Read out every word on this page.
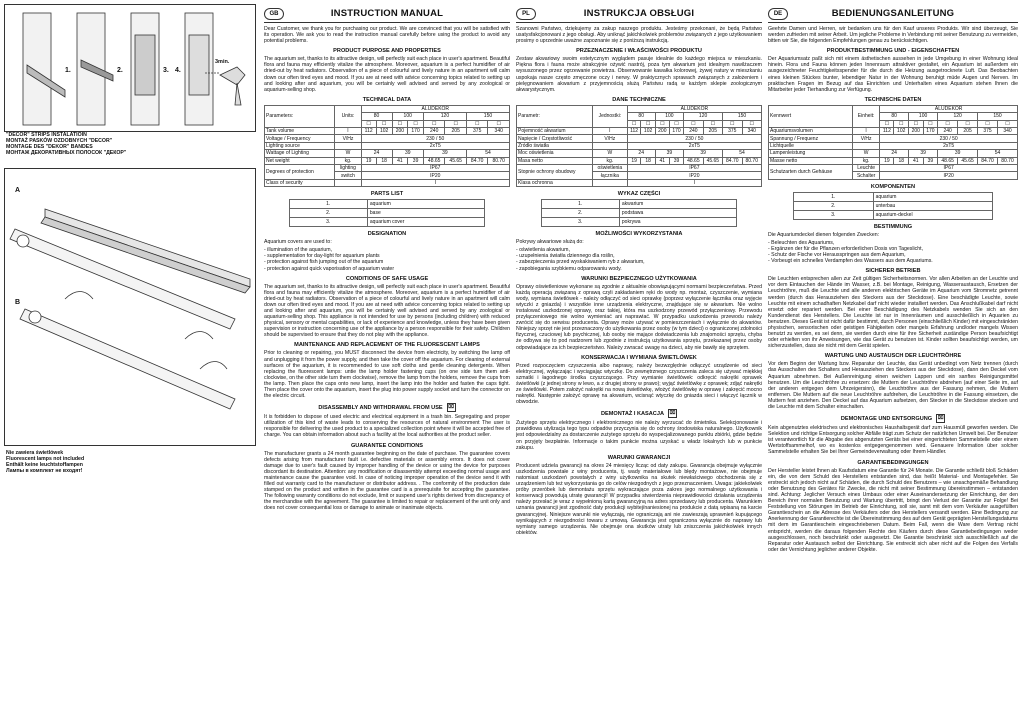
1.	2.	3. 4.
3min.
"DECOR" STRIPS INSTALATIOIN
MONTAŻ PASKÓW OZDOBNYCH "DECOR"
MONTAGE DES "DEKOR" BANDES
МОНТАЖ ДЕКОРАТИВНЫХ ПОЛОСОК "ДЕКОР"
A
B
Nie zawiera świetlówek
Fluorescent lamps not included
Enthält keine leuchtstoffampen
Лампы в комплект не входят!
GB	INSTRUCTION MANUAL

Dear Customer, we thank you for purchasing our product. We are convinced that you will be satisfied with its operation. We ask you to read the instruction manual carefully before using the product to avoid any potential problems.

PRODUCT PURPOSE AND PROPERTIES

The aquarium set, thanks to its attractive design, will perfectly suit each place in user's apartment. Beautiful flora and fauna may efficiently vitalize the atmosphere. Moreover, aquarium is a perfect humidifier of air dried-out by heat radiators. Observation of a piece of colourful and lively nature in an apartment will calm down our often tired eyes and mood. If you are at need with advice concerning topics related to setting up and looking after and aquarium, you will be certainly well advised and served by any zoological or aquarium-selling shop.

TECHNICAL DATA
Parameters:	Units:	ALUDEKOR							
		80		100		120		150	
		☐	☐	☐	☐	☐	☐	☐	☐
Tank volume	l	112	102	200	170	240	205	375	340
Voltage / Frequency	V/Hz	230 / 50							
Lighting source		2xT5							
Wattage of Lighting	W	24		39		39		54	
Net weight	kg.	19	18	41	39	48.65	45.65	84.70	80.70
Degrees of protection	lighting	IP67							
	switch	IP20							
Class of security		I							
PARTS LIST
1.	aquarium
2.	base
3.	aquarium cover
DESIGNATION

Aquarium covers are used to:

- illumination of the aquarium,
- supplementation for day-light for aquarium plants
- protection against fish jumping out of the aquarium
- protection against quick vaporisation of aquarium water
CONDITIONS OF SAFE USAGE

The aquarium set, thanks to its attractive design, will perfectly suit each place in user's apartment. Beautiful flora and fauna may efficiently vitalize the atmosphere. Moreover, aquarium is a perfect humidifier of air dried-out by heat radiators. Observation of a piece of colourful and lively nature in an apartment will calm down our often tired eyes and mood. If you are at need with advice concerning topics related to setting up and looking after and aquarium, you will be certainly well advised and served by any zoological or aquarium-selling shop. This appliance is not intended for use by persons (including children) with reduced physical, sensory or mental capabilities, or lack of experience and knowledge, unless they have been given supervision or instruction concerning use of the appliance by a person responsible for their safety. Children should be supervised to ensure that they do not play with the appliance.

MAINTENANCE AND REPLACEMENT OF THE FLUORESCENT LAMPS

Prior to cleaning or repairing, you MUST disconnect the device from electricity, by switching the lamp off and unplugging it from the power supply, and then take the cover off the aquarium. For cleaning of external surfaces of the aquarium, it is recommended to use soft cloths and gentle cleaning detergents. When replacing the fluorescent lamps: untie the lamp holder fastening cups (on one side turn them anti-clockwise, on the other side turn them clockwise), remove the lamp from the holders, remove the cups from the lamp. Then place the caps onto new lamp, insert the lamp into the holder and fasten the caps tight. Then place the cover onto the aquarium, insert the plug into power supply socket and turn the connector on the electric circuit.

DISASSEMBLY AND WITHDRAWAL FROM USE ⌧

It is forbidden to dispose of used electric and electrical equipment in a trash bin. Segregating and proper utilization of this kind of waste leads to conserving the resources of natural environment The user is responsible for delivering the used product to a specialized collection point where it will be accepted free of charge. You can obtain information about such a facility at the local authorities at the product seller.

GUARANTEE CONDITIONS

The manufacturer grants a 24 month guarantee beginning on the date of purchase. The guarantee covers defects arising from manufacturer fault i.e. defective materials or assembly errors. It does not cover damage due to user's fault caused by improper handling of the device or using the device for purposes discordant its destination. Attention: any modification or disassembly attempt exceeding normal usage and maintenance cause the guarantee void. In case of noticing improper operation of the device send it with filled out warranty card to the manufacturer or distributor address. . The conformity of the production date stamped on the product and written in the guarantee card is a prerequisite for accepting the guarantee. The following warranty conditions do not exclude, limit or suspend user's rights derived from discrepancy of the merchandise with the agreement. The guarantee is limited to repair or replacement of the unit only and does not cover consequential loss or damage to animate or inanimate objects.

PL	INSTRUKCJA OBSŁUGI

Szanowni Państwo, dziękujemy za zakup naszego produktu. Jesteśmy przekonani, że będą Państwo usatysfakcjonowani z jego obsługi. Aby uniknąć jakichkolwiek problemów związanych z jego użytkowaniem prosimy o uprzednie uważne zapoznanie się z poniższą instrukcją.

PRZEZNACZENIE I WŁAŚCIWOŚCI PRODUKTU

Zestaw akwariowy swoim estetycznym wyglądem pasuje idealnie do każdego miejsca w mieszkaniu. Piękna flora i fauna może atrakcyjnie ożywić nastrój, poza tym akwarium jest idealnym nawilżaczem wysuszonego przez ogrzewanie powietrza. Obserwowanie kawałka kolorowej, żywej natury w mieszkaniu uspokaja nasze często zmęczone oczy i nerwy. W praktycznych sprawach związanych z założeniem i pielęgnowaniem akwarium z przyjemnością służą Państwu radą w każdym sklepie zoologicznym akwarystycznym.

DANE TECHNICZNE
Parametr:	Jednostki:	ALUDEKOR							
		80		100		120		150	
		☐	☐	☐	☐	☐	☐	☐	☐
Pojemność akwarium	l	112	102	200	170	240	205	375	340
Napięcie / Częstotliwość	V/Hz	230 / 50							
Źródło światła		2xT5							
Moc oświetlenia	W	24		39		39		54	
Masa netto	kg.	19	18	41	39	48.65	45.65	84.70	80.70
Stopnie ochrony obudowy	oświetlenia	IP67							
	łącznika	IP20							
Klasa ochronna		I							
WYKAZ CZĘŚCI
1.	akwarium
2.	podstawa
3.	pokrywa
MOŻLIWOŚCI WYKORZYSTANIA

Pokrywy akwariowe służą do:

- oświetlenia akwarium,
- uzupełnienia światła dziennego dla roślin,
- zabezpieczenia przed wyskakiwaniem ryb z akwarium,
- zapobiegania szybkiemu odparowaniu wody.
WARUNKI BEZPIECZNEGO UŻYTKOWANIA

Oprawy oświetleniowe wykonane są zgodnie z aktualnie obowiązującymi normami bezpieczeństwa. Przed każdą operacją związaną z oprawą czyli zakładaniem ręki do wody np. montaż, czyszczenie, wymiana wody, wymiana świetlówek - należy odłączyć od sieci oprawkę (poprzez wyłączenie łącznika oraz wyjęcie wtyczki z gniazda) i wszystkie inne urządzenia elektryczne, znajdujące się w akwarium. Nie wolno instalować uszkodzonej oprawy, oraz takiej, która ma uszkodzony przewód przyłączeniowy. Przewodu przyłączeniowego nie wolno wymieniać ani naprawiać. W przypadku uszkodzenia przewodu należy zwrócić się do serwisu producenta. Oprawy może używać w pomieszczeniach i wyłącznie do akwariów. Niniejszy sprzęt nie jest przeznaczony do użytkowania przez osoby (w tym dzieci) o ograniczonej zdolności fizycznej, czuciowej lub psychicznej, lub osoby nie mające doświadczenia lub znajomości sprzętu, chyba że odbywa się to pod nadzorem lub zgodnie z instrukcją użytkowania sprzętu, przekazanej przez osoby odpowiadające za ich bezpieczeństwo. Należy zwracać uwagę na dzieci, aby nie bawiły się sprzętem.

KONSERWACJA I WYMIANA ŚWIETLÓWEK

Przed rozpoczęciem czyszczenia albo naprawy, należy bezwzględnie odłączyć urządzenie od sieci elektrycznej, wyłączając i wyciągając wtyczkę. Do zewnętrznego czyszczenia zaleca się używać miękkiej szmatki i łagodnego środka czyszczącego. Przy wymianie świetlówek: odkręcić nakrętki oprawek świetlówki (z jednej strony w lewo, a z drugiej strony w prawo); wyjąć świetlówkę z oprawek; zdjąć nakrętki ze świetlówki. Potem założyć nakrętki na nową świetlówkę, włożyć świetlówkę w oprawę i zakręcić mocno nakrętki. Następnie założyć oprawę na akwarium, wcisnąć wtyczkę do gniazda sieci i włączyć łącznik w obwodzie.

DEMONTAŻ I KASACJA ⌧

Zużytego sprzętu elektrycznego i elektronicznego nie należy wyrzucać do śmietnika. Selekcjonowanie i prawidłowa utylizacja tego typu odpadów przyczynia się do ochrony środowiska naturalnego. Użytkownik jest odpowiedzialny za dostarczenie zużytego sprzętu do wyspecjalizowanego punktu zbiórki, gdzie będzie on przyjęty bezpłatnie. Informacje o takim punkcie można uzyskać u władz lokalnych lub w punkcie zakupu.

WARUNKI GWARANCJI

Producent udziela gwarancji na okres 24 miesięcy licząc od daty zakupu. Gwarancja obejmuje wyłącznie uszkodzenia powstałe z winy producenta, tj. wady materiałowe lub błędy montażowe, nie obejmuje natomiast uszkodzeń powstałych z winy użytkownika na skutek niewłaściwego obchodzenia się z urządzeniem lub też wykorzystania go do celów niezgodnych z jego przeznaczeniem. Uwaga: jakiekolwiek próby przeróbek lub demontażu sprzętu wykraczające poza zakres jego normalnego użytkowania i konserwacji powodują utratę gwarancji! W przypadku stwierdzenia nieprawidłowości działania urządzenia należy przesłać je wraz z wypełnioną kartą gwarancyjną na adres sprzedawcy lub producenta. Warunkiem uznania gwarancji jest zgodność daty produkcji wybitej/naniesionej na produkcie z datą wpisaną na karcie gwarancyjnej. Niniejsze warunki nie wyłączają, nie ograniczają ani nie zawieszają uprawnień kupującego wynikających z niezgodności towaru z umową. Gwarancja jest ograniczona wyłącznie do naprawy lub wymiany samego urządzenia. Nie obejmuje ona skutków utraty lub zniszczenia jakichkolwiek innych obiektów.

DE	BEDIENUNGSANLEITUNG

Geehrte Damen und Herren, wir bedanken uns für den Kauf unseres Produkts. Wir sind überzeugt, Sie werden zufrieden mit seiner Arbeit. Um jegliche Probleme in Verbindung mit seiner Benutzung zu vermeiden, bitten wir Sie, die folgenden Empfehlungen genau zu berücksichtigen.

PRODUKTBESTIMMUNG UND - EIGENSCHAFTEN

Der Aquariumsatz paßt sich mit einem ästhetischen aussehen in jede Umgebung in einer Wohnung ideal hinein. Flora und Fauna können jeden Innenraum attraktiver gestaltet, ein Aquarium ist außerdem ein ausgezeichneter Feuchtigkeitsspender für die durch die Heizung ausgetrocknete Luft. Das Beobachten eines kleinen Stückes bunter, lebendiger Natur in der Wohnung beruhigt müde Augen und Nerven. Im praktischen Fragen im Bezug auf das Einrichten und Unterhalten eines Aquarium stehen Ihnen die Mitarbeiter jeder Tierhandlung zur Verfügung.

TECHNISCHE DATEN
Kennwert	Einheit:	ALUDEKOR							
		80		100		120		150	
		☐	☐	☐	☐	☐	☐	☐	☐
Aquariumsvolumen	l	112	102	200	170	240	205	375	340
Spannung / Frequenz	V/Hz	230 / 50							
Lichtquelle		2xT5							
Lampenleistung	W	24		39		39		54	
Masse netto	kg.	19	18	41	39	48.65	45.65	84.70	80.70
Schutzarten durch Gehäuse	Leuchte	IP67							
	Schalter	IP20							
KOMPONENTEN
1.	aquarium
2.	unterbau
3.	aquarium-deckel
BESTIMMUNG

Die Aquariumdeckel dienen folgenden Zwecken:

- Beleuchten des Aquariums,
- Ergänzen der für die Pflanzen erforderlichen Dosis von Tageslicht,
- Schutz der Fische vor Herausspringen aus dem Aquarium,
- Vorbeugt ein schnelles Verdampfen des Wassers aus dem Aquariums.
SICHERER BETRIEB

Die Leuchten entsprechen allen zur Zeit gültigen Sicherheitsnormen. Vor allen Arbeiten an der Leuchte und vor dem Eintauchen der Hände im Wasser, z.B. bei Montage, Reinigung, Wasseraustausch, Ersetzen der Leuchtröhre, muß die Leuchte und alle anderen elektrischen Geräte im Aquarium vom Stromnetz getrennt werden (durch das Herausziehen des Steckers aus der Steckdose). Eine beschädigte Leuchte, sowie Leuchte mit einem schadhaften Netzkabel darf nicht wieder installiert werden. Das Anschlußkabel darf nicht ersetzt oder repariert werden. Bei einer Beschädigung des Netzkabels wenden Sie sich an den Kundendienst des Herstellers. Die Leuchte ist nur in Innenräumen und ausschließlich in Aquarien zu benutzen. Dieses Gerät ist nicht dafür bestimmt, durch Personen (einschließlich Kinder) mit eingeschränkten physischen, sensorischen oder geistigen Fähigkeiten oder mangels Erfahrung und/oder mangels Wissen benutzt zu werden, es sei denn, sie werden durch eine für ihre Sicherheit zuständige Person beaufsichtigt oder erhielten von ihr Anweisungen, wie das Gerät zu benutzen ist. Kinder sollten beaufsichtigt werden, um sicherzustellen, dass sie nicht mit dem Gerät spielen.

WARTUNG UND AUSTAUSCH DER LEUCHTRÖHRE

Vor dem Beginn der Wartung bzw. Reparatur der Leuchte, das Gerät unbedingt vom Netz trennen (durch das Ausschalten des Schalters und Herausziehen des Steckers aus der Steckdose), dann den Deckel vom Aquarium abnehmen. Bei Außenreinigung einen weichen Lappen und ein sanftes Reinigungsmittel benutzen. Um die Leuchtröhre zu ersetzen: die Muttern der Leuchtröhre abdrehen (auf einer Seite im, auf der anderen entgegen dem Uhrzeigersinn), die Leuchtröhre aus der Fassung nehmen, die Muttern entfernen. Die Muttern auf die neue Leuchtröhre aufdrehen, die Leuchtröhre in die Fassung einsetzen, die Muttern fest anziehen. Den Deckel auf das Aquarium aufsetzen, den Stecker in die Steckdose stecken und die Leuchte mit dem Schalter einschalten.

DEMONTAGE UND ENTSORGUNG ⌧

Kein abgenutztes elektrisches und elektronisches Haushaltsgerät darf zum Hausmüll geworfen werden. Die Selektion und richtige Entsorgung solcher Abfälle trägt zum Schutz der natürlichen Umwelt bei. Der Benutzer ist verantwortlich für die Abgabe des abgenutzten Geräts bei einer eingerichteten Sammelstelle oder einem Wertstoffsammelhof, wo es kostenlos entgegengenommen wird. Genauere Information über solcher Sammelstelle erhalten Sie bei Ihrer Gemeindeverwaltung oder Ihrem Händler.

GARANTIEBEDINGUNGEN

Der Hersteller leistet Ihnen ab Kaufsdatum eine Garantie für 24 Monate. Die Garantie schließt bloß Schäden ein, die von dem Schuld des Herstellers entstanden sind, das heißt Material- und Montagefehler. Sie erstreckt sich jedoch nicht auf Schäden, die durch Schuld des Benutzers – wie unsachgemäße Behandlung oder Benutzung des Gerätes für Zwecke, die nicht mit seiner Bestimmung übereinstimmen – entstanden sind. Achtung: Jeglicher Versuch eines Umbaus oder einer Auseinandersetzung der Einrichtung, der den Bereich ihrer normalen Benutzung und Wartung übertritt, bringt den Verlust der Garantie zur Folge! Bei Feststellung von Störungen im Betrieb der Einrichtung, soll sie, samt mit dem vom Verkäufer ausgefüllten Garantieschein an die Adresse des Verkäufers oder des Herstellers versandt werden. Eine Bedingung zur Anerkennung der Garantierechte ist die Übereinstimmung des auf dem Gerät geprägten Herstellungsdatums mit dem im Garantieschein eingeschriebenen Datum. Beim Fall, wenn die Ware dem Vertrag nicht entspricht, werden die daraus folgenden Rechte des Käufers durch diese Garantiebedingungen weder ausgeschlossen, noch beschränkt oder ausgesetzt. Die Garantie beschränkt sich ausschließlich auf die Reparatur oder Austausch selbst der Einrichtung. Sie erstreckt sich aber nicht auf die Folgen des Verfalls oder der Vernichtung jeglicher anderer Objekte.
